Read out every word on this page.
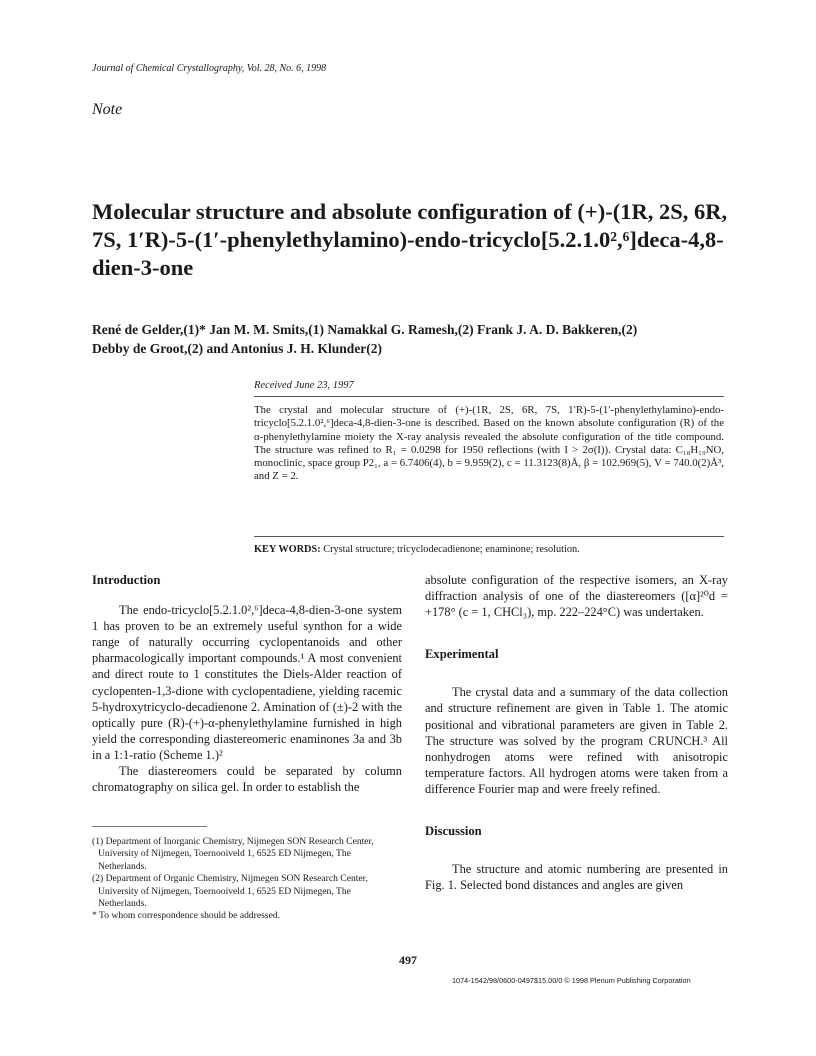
Journal of Chemical Crystallography, Vol. 28, No. 6, 1998
Note
Molecular structure and absolute configuration of (+)-(1R, 2S, 6R, 7S, 1′R)-5-(1′-phenylethylamino)-endo-tricyclo[5.2.1.0²,⁶]deca-4,8-dien-3-one
René de Gelder,(1)* Jan M. M. Smits,(1) Namakkal G. Ramesh,(2) Frank J. A. D. Bakkeren,(2)
Debby de Groot,(2) and Antonius J. H. Klunder(2)
Received June 23, 1997
The crystal and molecular structure of (+)-(1R, 2S, 6R, 7S, 1′R)-5-(1′-phenylethylamino)-endo-tricyclo[5.2.1.0²,⁶]deca-4,8-dien-3-one is described. Based on the known absolute configuration (R) of the α-phenylethylamine moiety the X-ray analysis revealed the absolute configuration of the title compound. The structure was refined to R₁ = 0.0298 for 1950 reflections (with I > 2σ(I)). Crystal data: C₁₈H₁₉NO, monoclinic, space group P2₁, a = 6.7406(4), b = 9.959(2), c = 11.3123(8)Å, β = 102.969(5), V = 740.0(2)Å³, and Z = 2.
KEY WORDS: Crystal structure; tricyclodecadienone; enaminone; resolution.
Introduction

The endo-tricyclo[5.2.1.0²,⁶]deca-4,8-dien-3-one system 1 has proven to be an extremely useful synthon for a wide range of naturally occurring cyclopentanoids and other pharmacologically important compounds.¹ A most convenient and direct route to 1 constitutes the Diels-Alder reaction of cyclopenten-1,3-dione with cyclopentadiene, yielding racemic 5-hydroxytricyclo-decadienone 2. Amination of (±)-2 with the optically pure (R)-(+)-α-phenylethylamine furnished in high yield the corresponding diastereomeric enaminones 3a and 3b in a 1:1-ratio (Scheme 1.)²

The diastereomers could be separated by column chromatography on silica gel. In order to establish the

(1) Department of Inorganic Chemistry, Nijmegen SON Research Center, University of Nijmegen, Toernooiveld 1, 6525 ED Nijmegen, The Netherlands.
(2) Department of Organic Chemistry, Nijmegen SON Research Center, University of Nijmegen, Toernooiveld 1, 6525 ED Nijmegen, The Netherlands.
* To whom correspondence should be addressed.

absolute configuration of the respective isomers, an X-ray diffraction analysis of one of the diastereomers ([α]²⁰d = +178° (c = 1, CHCl₃), mp. 222–224°C) was undertaken.

Experimental

The crystal data and a summary of the data collection and structure refinement are given in Table 1. The atomic positional and vibrational parameters are given in Table 2. The structure was solved by the program CRUNCH.³ All nonhydrogen atoms were refined with anisotropic temperature factors. All hydrogen atoms were taken from a difference Fourier map and were freely refined.

Discussion

The structure and atomic numbering are presented in Fig. 1. Selected bond distances and angles are given

497
1074-1542/98/0600-0497$15.00/0 © 1998 Plenum Publishing Corporation
